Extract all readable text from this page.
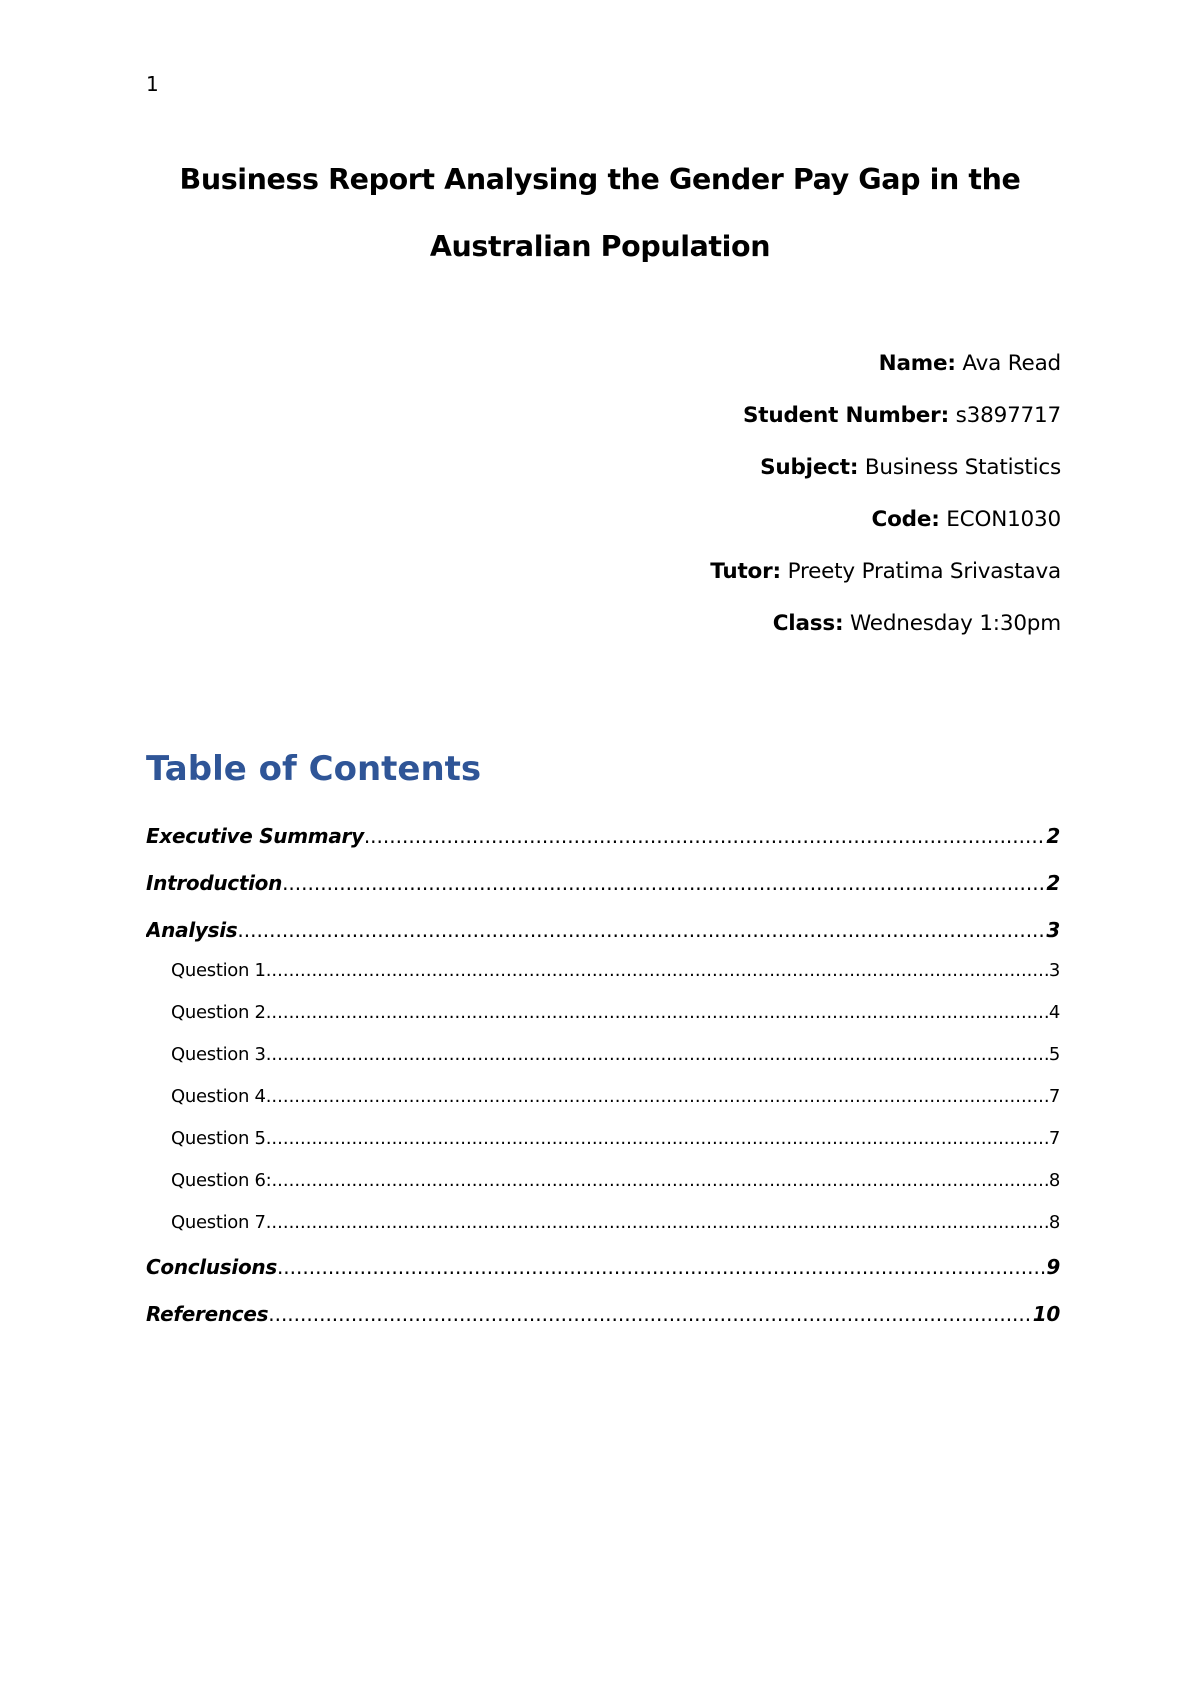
1
Business Report Analysing the Gender Pay Gap in the
Australian Population
Name: Ava Read
Student Number: s3897717
Subject: Business Statistics
Code: ECON1030
Tutor: Preety Pratima Srivastava
Class: Wednesday 1:30pm
Table of Contents
Executive Summary .....	2
Introduction .....	2
Analysis .....	3
Question 1 .....	3
Question 2 .....	4
Question 3 .....	5
Question 4 .....	7
Question 5 .....	7
Question 6: .....	8
Question 7 .....	8
Conclusions .....	9
References .....	10
